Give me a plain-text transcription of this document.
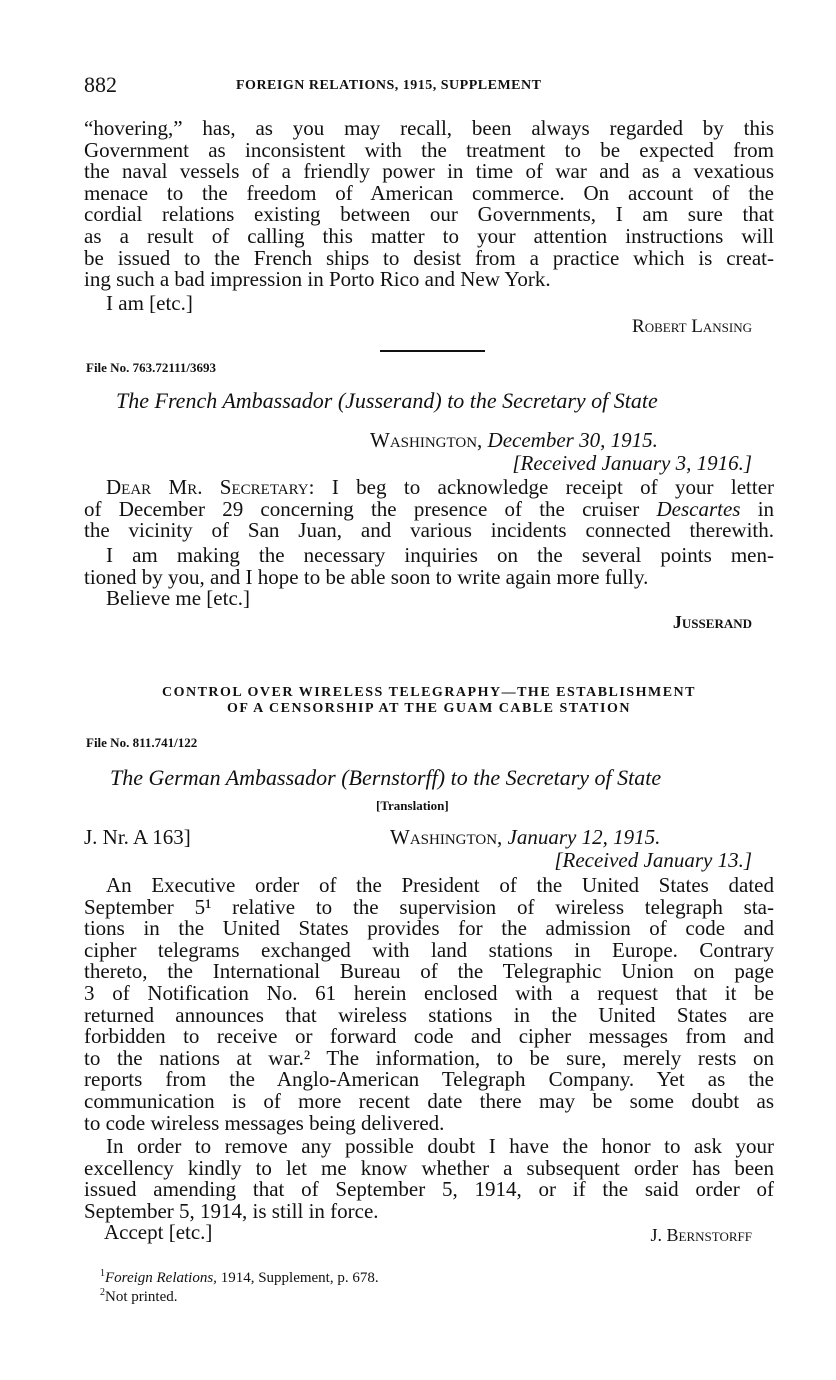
882	FOREIGN RELATIONS, 1915, SUPPLEMENT
“hovering,” has, as you may recall, been always regarded by this
Government as inconsistent with the treatment to be expected from
the naval vessels of a friendly power in time of war and as a vexatious
menace to the freedom of American commerce. On account of the
cordial relations existing between our Governments, I am sure that
as a result of calling this matter to your attention instructions will
be issued to the French ships to desist from a practice which is creat-
ing such a bad impression in Porto Rico and New York.
I am [etc.]
Robert Lansing
File No. 763.72111/3693
The French Ambassador (Jusserand) to the Secretary of State
Washington, December 30, 1915.
[Received January 3, 1916.]
Dear Mr. Secretary: I beg to acknowledge receipt of your letter
of December 29 concerning the presence of the cruiser Descartes in
the vicinity of San Juan, and various incidents connected therewith.
I am making the necessary inquiries on the several points men-
tioned by you, and I hope to be able soon to write again more fully.
Believe me [etc.]
Jusserand
CONTROL OVER WIRELESS TELEGRAPHY—THE ESTABLISHMENT
OF A CENSORSHIP AT THE GUAM CABLE STATION
File No. 811.741/122
The German Ambassador (Bernstorff) to the Secretary of State
[Translation]
J. Nr. A 163]	Washington, January 12, 1915.
[Received January 13.]
An Executive order of the President of the United States dated
September 5¹ relative to the supervision of wireless telegraph sta-
tions in the United States provides for the admission of code and
cipher telegrams exchanged with land stations in Europe. Contrary
thereto, the International Bureau of the Telegraphic Union on page
3 of Notification No. 61 herein enclosed with a request that it be
returned announces that wireless stations in the United States are
forbidden to receive or forward code and cipher messages from and
to the nations at war.² The information, to be sure, merely rests on
reports from the Anglo-American Telegraph Company. Yet as the
communication is of more recent date there may be some doubt as
to code wireless messages being delivered.
In order to remove any possible doubt I have the honor to ask your
excellency kindly to let me know whether a subsequent order has been
issued amending that of September 5, 1914, or if the said order of
September 5, 1914, is still in force.
Accept [etc.]	J. Bernstorff
$^1$Foreign Relations, 1914, Supplement, p. 678.
$^2$Not printed.
